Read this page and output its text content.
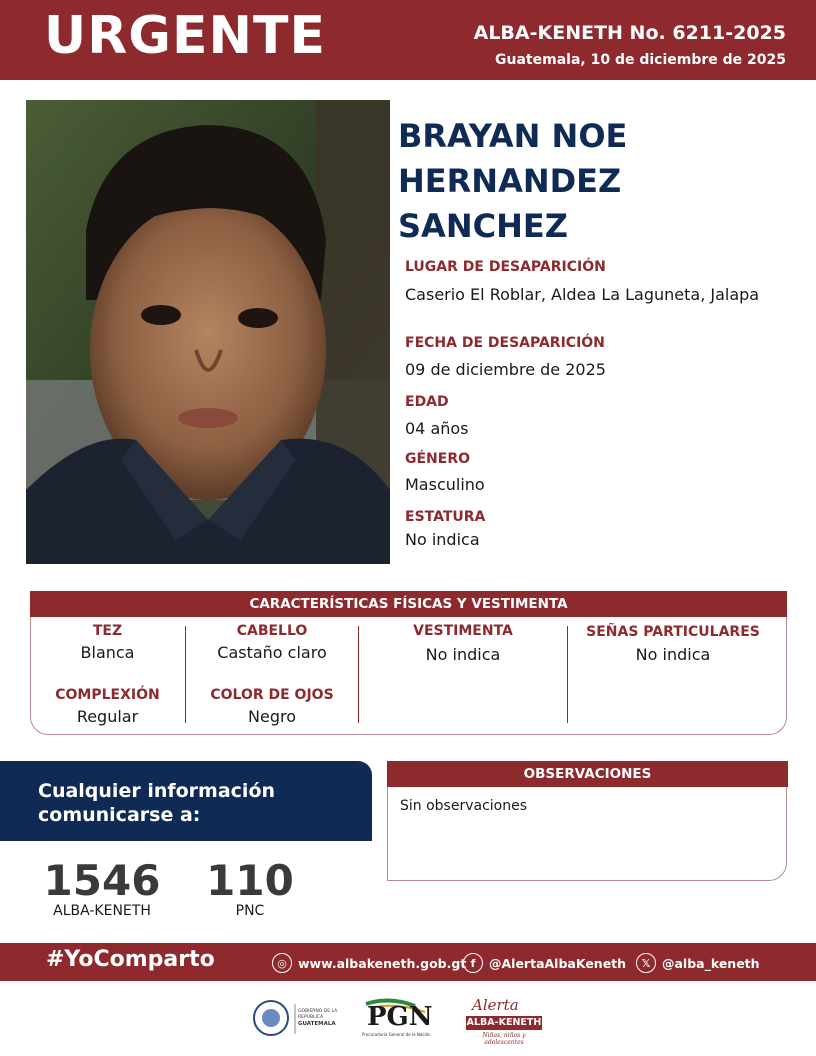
URGENTE	ALBA-KENETH No. 6211-2025
Guatemala, 10 de diciembre de 2025
BRAYAN NOE
HERNANDEZ
SANCHEZ
LUGAR DE DESAPARICIÓN
Caserio El Roblar, Aldea La Laguneta, Jalapa
FECHA DE DESAPARICIÓN
09 de diciembre de 2025
EDAD
04 años
GÉNERO
Masculino
ESTATURA
No indica
CARACTERÍSTICAS FÍSICAS Y VESTIMENTA
TEZ
Blanca
COMPLEXIÓN
Regular
CABELLO
Castaño claro
COLOR DE OJOS
Negro
VESTIMENTA
No indica
SEÑAS PARTICULARES
No indica
Cualquier información
comunicarse a:
1546
ALBA-KENETH
110
PNC
OBSERVACIONES
Sin observaciones
#YoComparto	◎ www.albakeneth.gob.gt f	@AlertaAlbaKeneth	𝕏 @alba_keneth
GOBIERNO DE LA REPÚBLICA
GUATEMALA	PGN
Procuraduría General de la Nación
Alerta
ALBA-KENETH
Niñas, niños y adolescentes
